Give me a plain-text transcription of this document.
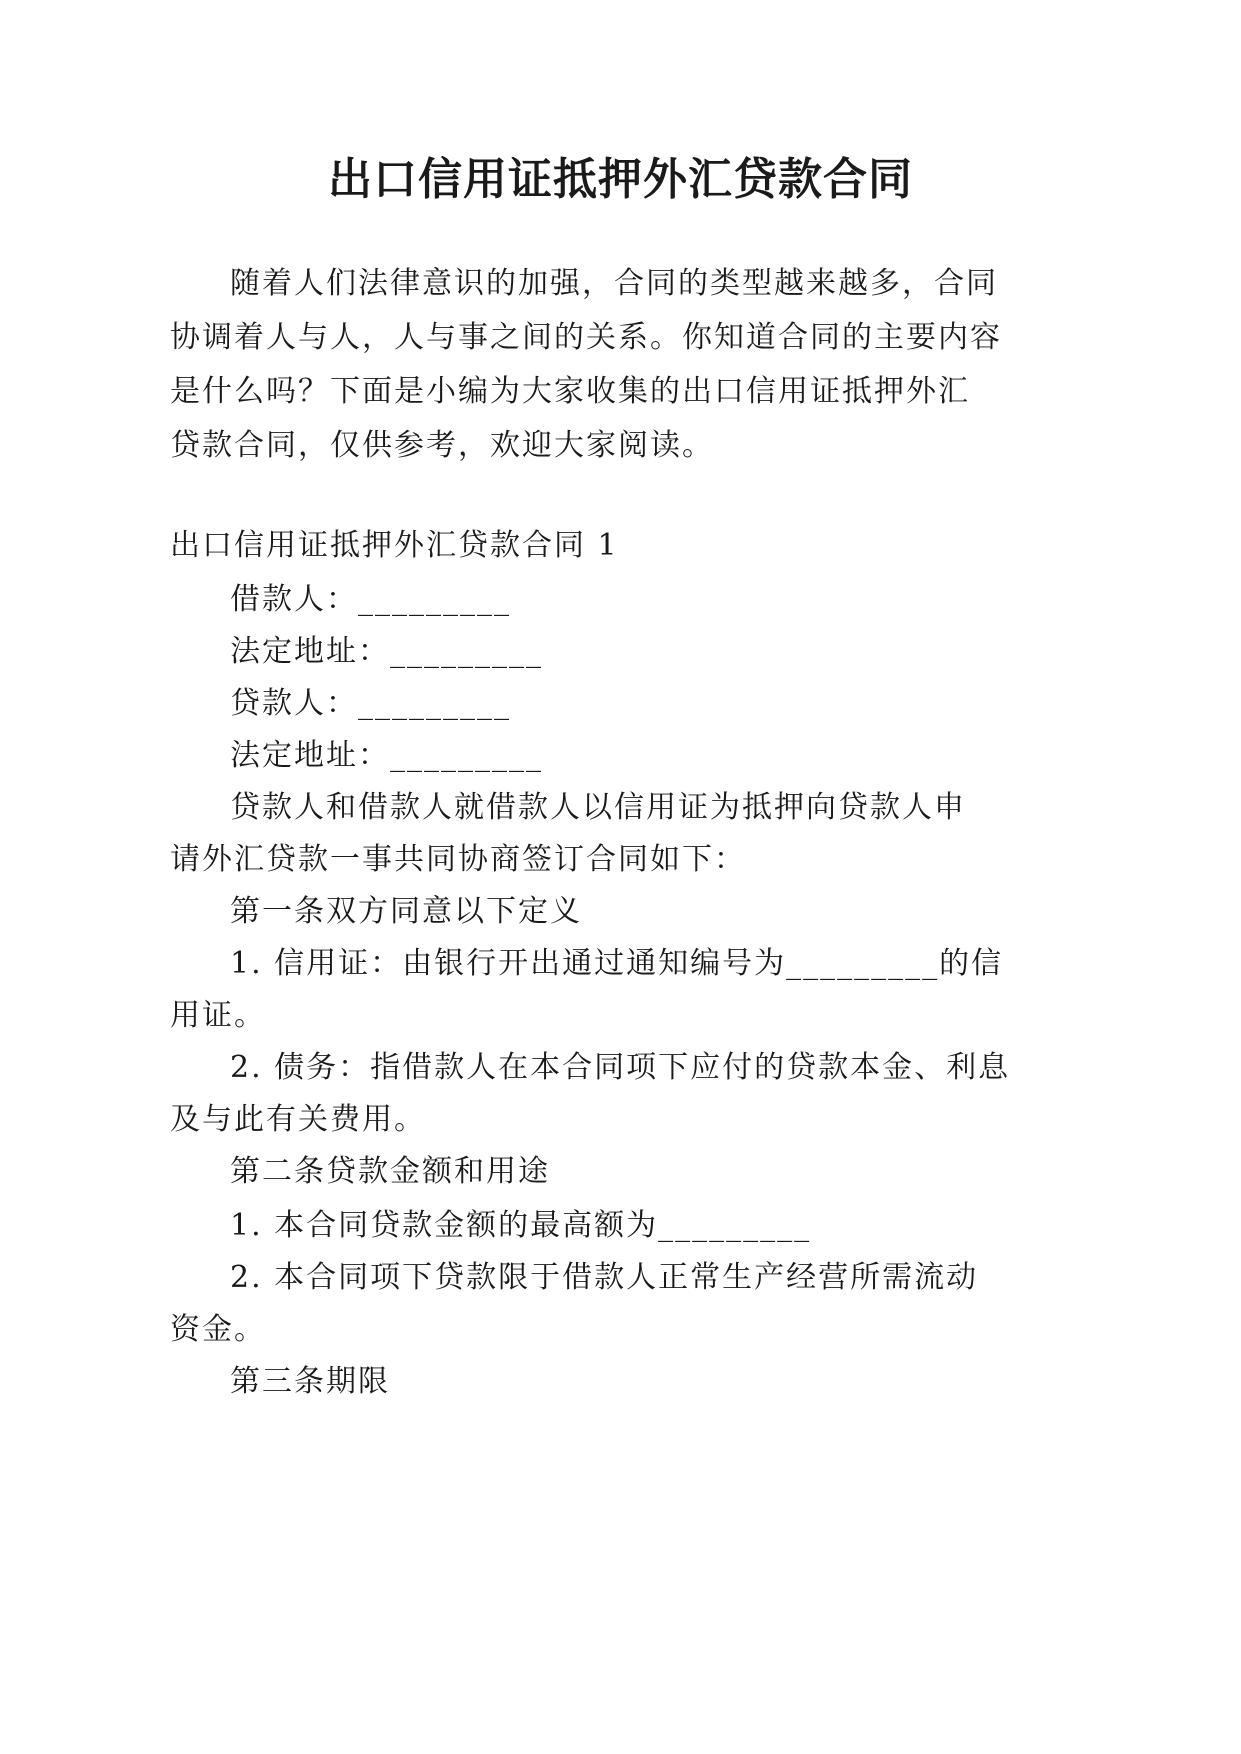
出口信用证抵押外汇贷款合同

随着人们法律意识的加强，合同的类型越来越多，合同

协调着人与人，人与事之间的关系。你知道合同的主要内容

是什么吗？下面是小编为大家收集的出口信用证抵押外汇

贷款合同，仅供参考，欢迎大家阅读。

出口信用证抵押外汇贷款合同 1

借款人：_________

法定地址：_________

贷款人：_________

法定地址：_________

贷款人和借款人就借款人以信用证为抵押向贷款人申

请外汇贷款一事共同协商签订合同如下：

第一条双方同意以下定义

1. 信用证：由银行开出通过通知编号为_________的信

用证。

2. 债务：指借款人在本合同项下应付的贷款本金、利息

及与此有关费用。

第二条贷款金额和用途

1. 本合同贷款金额的最高额为_________

2. 本合同项下贷款限于借款人正常生产经营所需流动

资金。

第三条期限
